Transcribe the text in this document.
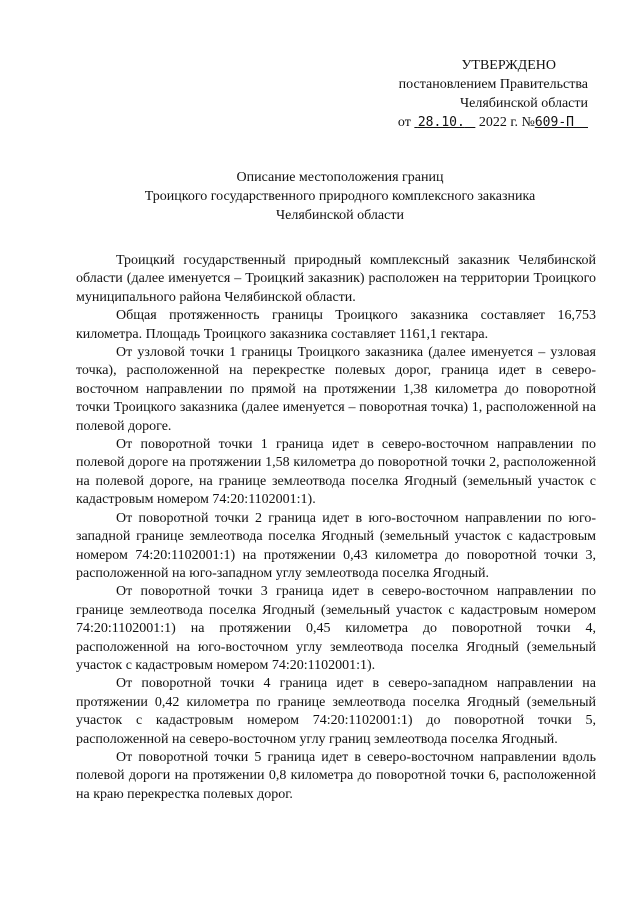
УТВЕРЖДЕНО
постановлением Правительства
Челябинской области
от 28.10. 2022 г. №609-П
Описание местоположения границ
Троицкого государственного природного комплексного заказника
Челябинской области

Троицкий государственный природный комплексный заказник Челябинской области (далее именуется – Троицкий заказник) расположен на территории Троицкого муниципального района Челябинской области.

Общая протяженность границы Троицкого заказника составляет 16,753 километра. Площадь Троицкого заказника составляет 1161,1 гектара.

От узловой точки 1 границы Троицкого заказника (далее именуется – узловая точка), расположенной на перекрестке полевых дорог, граница идет в северо-восточном направлении по прямой на протяжении 1,38 километра до поворотной точки Троицкого заказника (далее именуется – поворотная точка) 1, расположенной на полевой дороге.

От поворотной точки 1 граница идет в северо-восточном направлении по полевой дороге на протяжении 1,58 километра до поворотной точки 2, расположенной на полевой дороге, на границе землеотвода поселка Ягодный (земельный участок с кадастровым номером 74:20:1102001:1).

От поворотной точки 2 граница идет в юго-восточном направлении по юго-западной границе землеотвода поселка Ягодный (земельный участок с кадастровым номером 74:20:1102001:1) на протяжении 0,43 километра до поворотной точки 3, расположенной на юго-западном углу землеотвода поселка Ягодный.

От поворотной точки 3 граница идет в северо-восточном направлении по границе землеотвода поселка Ягодный (земельный участок с кадастровым номером 74:20:1102001:1) на протяжении 0,45 километра до поворотной точки 4, расположенной на юго-восточном углу землеотвода поселка Ягодный (земельный участок с кадастровым номером 74:20:1102001:1).

От поворотной точки 4 граница идет в северо-западном направлении на протяжении 0,42 километра по границе землеотвода поселка Ягодный (земельный участок с кадастровым номером 74:20:1102001:1) до поворотной точки 5, расположенной на северо-восточном углу границ землеотвода поселка Ягодный.

От поворотной точки 5 граница идет в северо-восточном направлении вдоль полевой дороги на протяжении 0,8 километра до поворотной точки 6, расположенной на краю перекрестка полевых дорог.
